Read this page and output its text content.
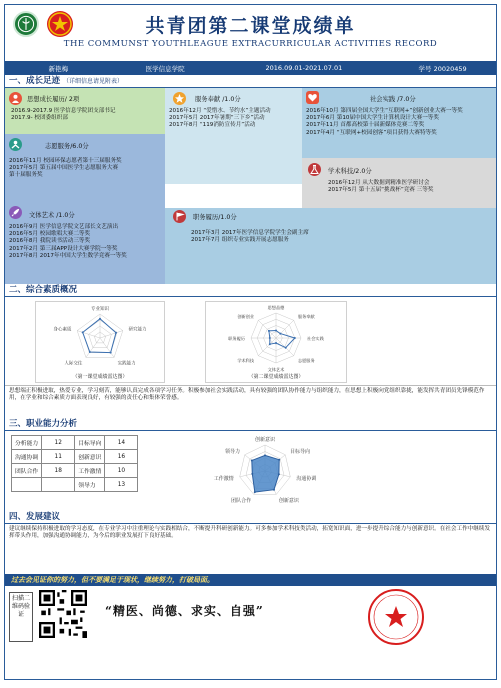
共青团第二课堂成绩单
THE COMMUNST YOUTHLEAGUE EXTRACURRICULAR ACTIVITIES RECORD
新艳梅	医学信息学院	2016.09.01-2021.07.01	学号 20020459
一、成长足迹 （详细信息请见附表）
思想成长履历/ 2项
2016.9-2017.9 医学信息学院团支部书记
2017.9- 校团委组织部
服务奉献 /1.0分
2016年12月 “爱惜水、节约水”主题活动
2017年5月 2017年暑期“三下乡”活动
2017年8月 “119消防宣传月”活动
社会实践 /7.0分
2016年10月 第四届全国大学生“互联网+”创新创业大赛一等奖
2017年6月 第10届中国大学生计算机设计大赛一等奖
2017年11月 首都高校第十届新媒体竞赛二等奖
2017年4月 “互联网+校园创客”项目获得大赛特等奖
志愿服务/6.0分
2016年11月 校园环保志愿者第十三届服务奖
2017年5月 第五届中国医学生志愿服务大赛
第十届服务奖
学术科技/2.0分
2016年12月 从大数据到精准医学研讨会
2017年5月 第十五届“挑战杯”竞赛 三等奖
文体艺术 /1.0分
2016年9月 医学信息学院文艺部长文艺演出
2016年5月 校园歌唱大赛二等奖
2016年8月 我院读书活动三等奖
2017年2月 第三届APP设计大赛学院一等奖
2017年8月 2017年中国大学生数学竞赛一等奖
职务履历/1.0分
2017年3月 2017年医学信息学院学生会副主席
2017年7月 组织专业实践开展志愿服务
二、综合素质概况
专业知识
研究能力
实践能力
人际交往
身心素质
（第一课堂成绩雷达图）
思想品德
服务奉献
社会实践
志愿服务
文体艺术
学术科技
职务履历
创新创业
（第二课堂成绩雷达图）
思想端正积极进取，热爱专业，学习刻苦，能够认真完成各项学习任务。积极参加社会实践活动，具有较强的团队协作能力与组织能力，在思想上积极向党组织靠拢，能发挥共青团员先锋模范作用，在学业和综合素质方面表现良好，有较强的责任心和集体荣誉感。
三、职业能力分析
分析能力	12	目标导向	14
沟通协调	11	创新意识	16
团队合作	18	工作激情	10
		领导力	13
创新意识
目标导向
沟通协调
创新意识
团队合作
工作激情
领导力
四、发展建议
建议继续保持积极进取的学习态度，在专业学习中注重理论与实践相结合，不断提升科研创新能力。可多参加学术科技类活动，拓宽知识面，进一步提升综合能力与创新意识。在社会工作中继续发挥带头作用，加强沟通协调能力，为今后的职业发展打下良好基础。
过去会见证你的努力，但不要满足于现状，继续努力，打破局面。
扫描二维码验证	“精医、尚德、求实、自强”
